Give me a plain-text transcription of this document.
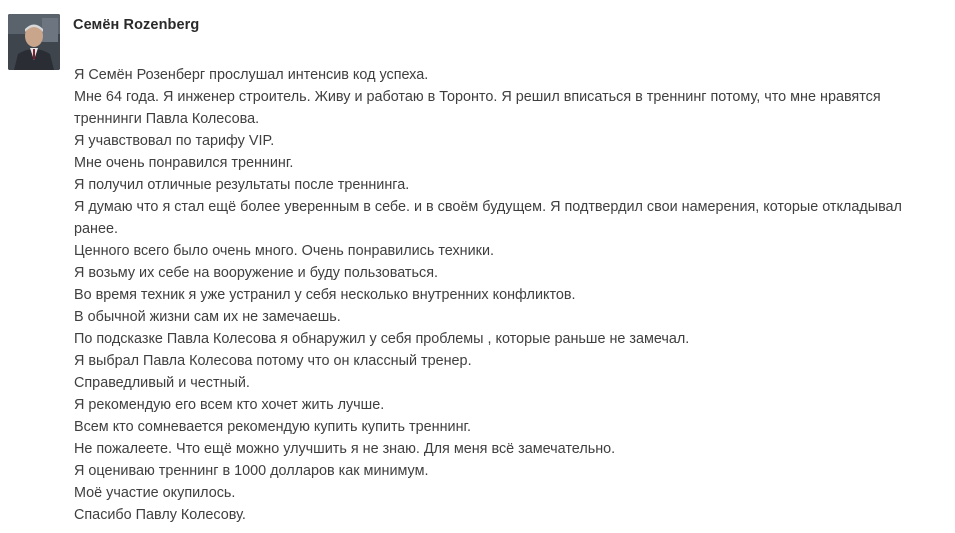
Семён Rozenberg
Я Семён Розенберг прослушал интенсив код успеха.
Мне 64 года. Я инженер строитель. Живу и работаю в Торонто. Я решил вписаться в треннинг потому, что мне нравятся
треннинги Павла Колесова.
Я учавствовал по тарифу VIP.
Мне очень понравился треннинг.
Я получил отличные результаты после треннинга.
Я думаю что я стал ещё более уверенным в себе. и в своём будущем. Я подтвердил свои намерения, которые откладывал
ранее.
Ценного всего было очень много. Очень понравились техники.
Я возьму их себе на вооружение и буду пользоваться.
Во время техник я уже устранил у себя несколько внутренних конфликтов.
В обычной жизни сам их не замечаешь.
По подсказке Павла Колесова я обнаружил у себя проблемы , которые раньше не замечал.
Я выбрал Павла Колесова потому что он классный тренер.
Справедливый и честный.
Я рекомендую его всем кто хочет жить лучше.
Всем кто сомневается рекомендую купить купить треннинг.
Не пожалеете. Что ещё можно улучшить я не знаю. Для меня всё замечательно.
Я оцениваю треннинг в 1000 долларов как минимум.
Моё участие окупилось.
Спасибо Павлу Колесову.
